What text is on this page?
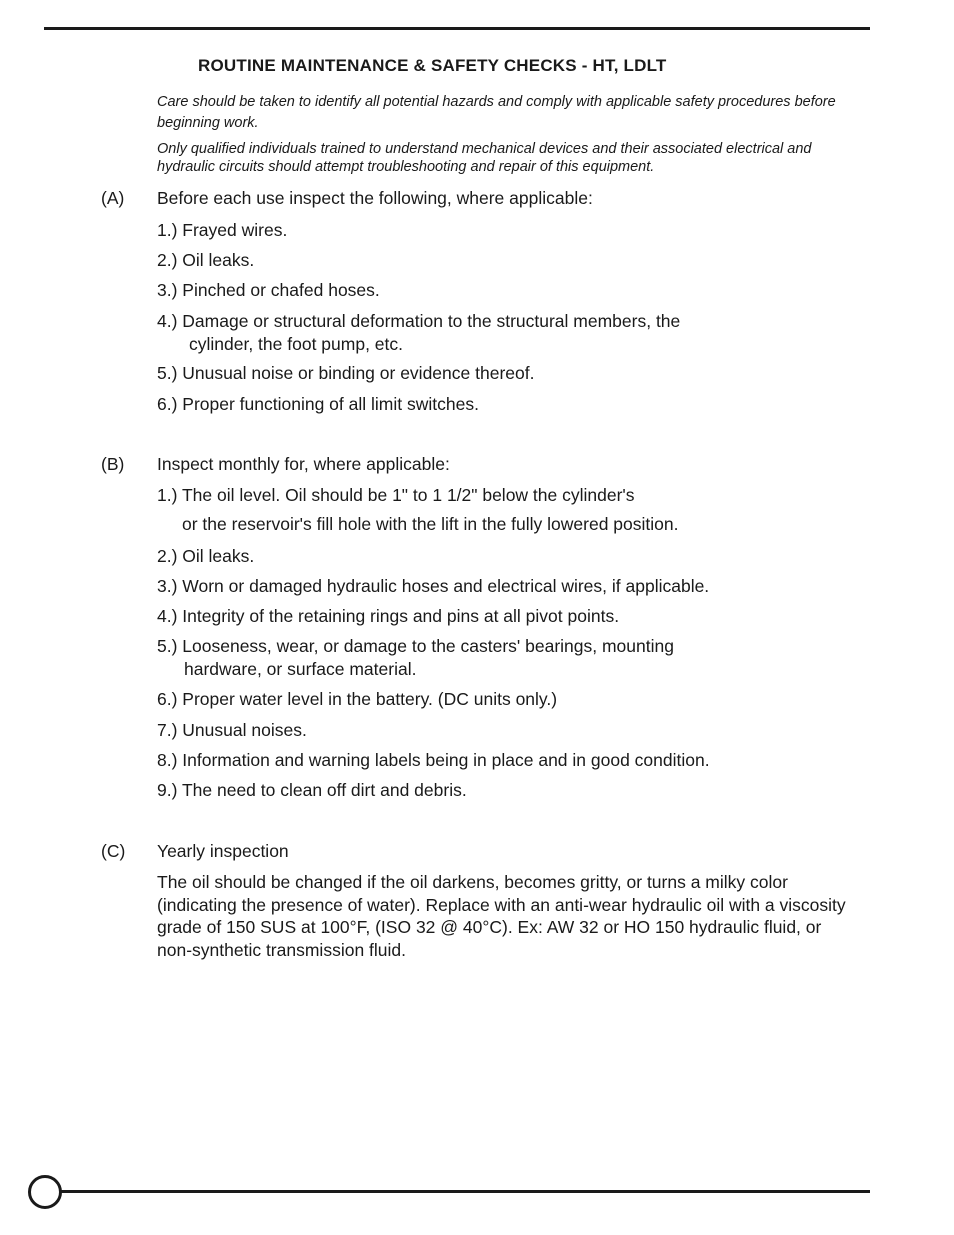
ROUTINE MAINTENANCE & SAFETY CHECKS - HT, LDLT
Care should be taken to identify all potential hazards and comply with applicable safety procedures before beginning work.
Only qualified individuals trained to understand mechanical devices and their associated electrical and hydraulic circuits should attempt troubleshooting and repair of this equipment.
(A) Before each use inspect the following, where applicable:
1.) Frayed wires.
2.) Oil leaks.
3.) Pinched or chafed hoses.
4.) Damage or structural deformation to the structural members, the
cylinder, the foot pump, etc.
5.) Unusual noise or binding or evidence thereof.
6.) Proper functioning of all limit switches.
(B) Inspect monthly for, where applicable:
1.) The oil level. Oil should be 1" to 1 1/2" below the cylinder's
or the reservoir's fill hole with the lift in the fully lowered position.
2.) Oil leaks.
3.) Worn or damaged hydraulic hoses and electrical wires, if applicable.
4.) Integrity of the retaining rings and pins at all pivot points.
5.) Looseness, wear, or damage to the casters' bearings, mounting
hardware, or surface material.
6.) Proper water level in the battery. (DC units only.)
7.) Unusual noises.
8.) Information and warning labels being in place and in good condition.
9.) The need to clean off dirt and debris.
(C) Yearly inspection
The oil should be changed if the oil darkens, becomes gritty, or turns a milky color (indicating the presence of water). Replace with an anti-wear hydraulic oil with a viscosity grade of 150 SUS at 100°F, (ISO 32 @ 40°C). Ex: AW 32 or HO 150 hydraulic fluid, or non-synthetic transmission fluid.
